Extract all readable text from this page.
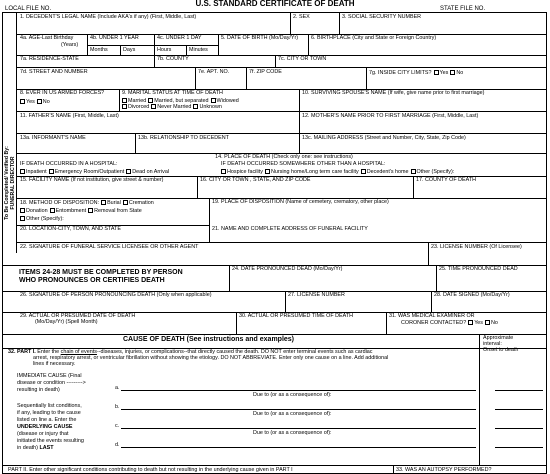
U.S. STANDARD CERTIFICATE OF DEATH
LOCAL FILE NO.	STATE FILE NO.
To Be Completed/ Verified By: FUNERAL DIRECTOR
1. DECEDENT'S LEGAL NAME (Include AKA's if any) (First, Middle, Last)	2. SEX	3. SOCIAL SECURITY NUMBER
4a. AGE-Last Birthday
(Years)
4b. UNDER 1 YEAR
Months	Days
4c. UNDER 1 DAY
Hours	Minutes
5. DATE OF BIRTH (Mo/Day/Yr) 6. BIRTHPLACE (City and State or Foreign Country)
7a. RESIDENCE-STATE	7b. COUNTY	7c. CITY OR TOWN
7d. STREET AND NUMBER	7e. APT. NO.	7f. ZIP CODE	7g. INSIDE CITY LIMITS? Yes No
8. EVER IN US ARMED FORCES?
Yes No
9. MARITAL STATUS AT TIME OF DEATH
Married Married, but separated Widowed
Divorced Never Married Unknown
10. SURVIVING SPOUSE'S NAME (If wife, give name prior to first marriage)
11. FATHER'S NAME (First, Middle, Last)	12. MOTHER'S NAME PRIOR TO FIRST MARRIAGE (First, Middle, Last)
13a. INFORMANT'S NAME	13b. RELATIONSHIP TO DECEDENT	13c. MAILING ADDRESS (Street and Number, City, State, Zip Code)
14. PLACE OF DEATH (Check only one: see instructions)
IF DEATH OCCURRED IN A HOSPITAL:
Inpatient Emergency Room/Outpatient Dead on Arrival
IF DEATH OCCURRED SOMEWHERE OTHER THAN A HOSPITAL:
Hospice facility Nursing home/Long term care facility Decedent's home Other (Specify):
15. FACILITY NAME (If not institution, give street & number)	16. CITY OR TOWN , STATE, AND ZIP CODE	17. COUNTY OF DEATH
18. METHOD OF DISPOSITION: Burial Cremation
Donation Entombment Removal from State
Other (Specify):
19. PLACE OF DISPOSITION (Name of cemetery, crematory, other place)
20. LOCATION-CITY, TOWN, AND STATE	21. NAME AND COMPLETE ADDRESS OF FUNERAL FACILITY
22. SIGNATURE OF FUNERAL SERVICE LICENSEE OR OTHER AGENT	23. LICENSE NUMBER (Of Licensee)
ITEMS 24-28 MUST BE COMPLETED BY PERSON
WHO PRONOUNCES OR CERTIFIES DEATH
24. DATE PRONOUNCED DEAD (Mo/Day/Yr)	25. TIME PRONOUNCED DEAD
26. SIGNATURE OF PERSON PRONOUNCING DEATH (Only when applicable)	27. LICENSE NUMBER	28. DATE SIGNED (Mo/Day/Yr)
29. ACTUAL OR PRESUMED DATE OF DEATH
(Mo/Day/Yr) (Spell Month)
30. ACTUAL OR PRESUMED TIME OF DEATH	31. WAS MEDICAL EXAMINER OR
CORONER CONTACTED? Yes No
CAUSE OF DEATH (See instructions and examples)	Approximate
interval:
Onset to death
32. PART I. Enter the chain of events--diseases, injuries, or complications--that directly caused the death. DO NOT enter terminal events such as cardiac
arrest, respiratory arrest, or ventricular fibrillation without showing the etiology. DO NOT ABBREVIATE. Enter only one cause on a line. Add additional
lines if necessary.
IMMEDIATE CAUSE (Final
disease or condition --------->
resulting in death)	a.
Due to (or as a consequence of):
Sequentially list conditions,
if any, leading to the cause
listed on line a. Enter the
UNDERLYING CAUSE
(disease or injury that
initiated the events resulting
in death) LAST
b.
Due to (or as a consequence of):
c.
Due to (or as a consequence of):
d.
PART II. Enter other significant conditions contributing to death but not resulting in the underlying cause given in PART I	33. WAS AN AUTOPSY PERFORMED?
